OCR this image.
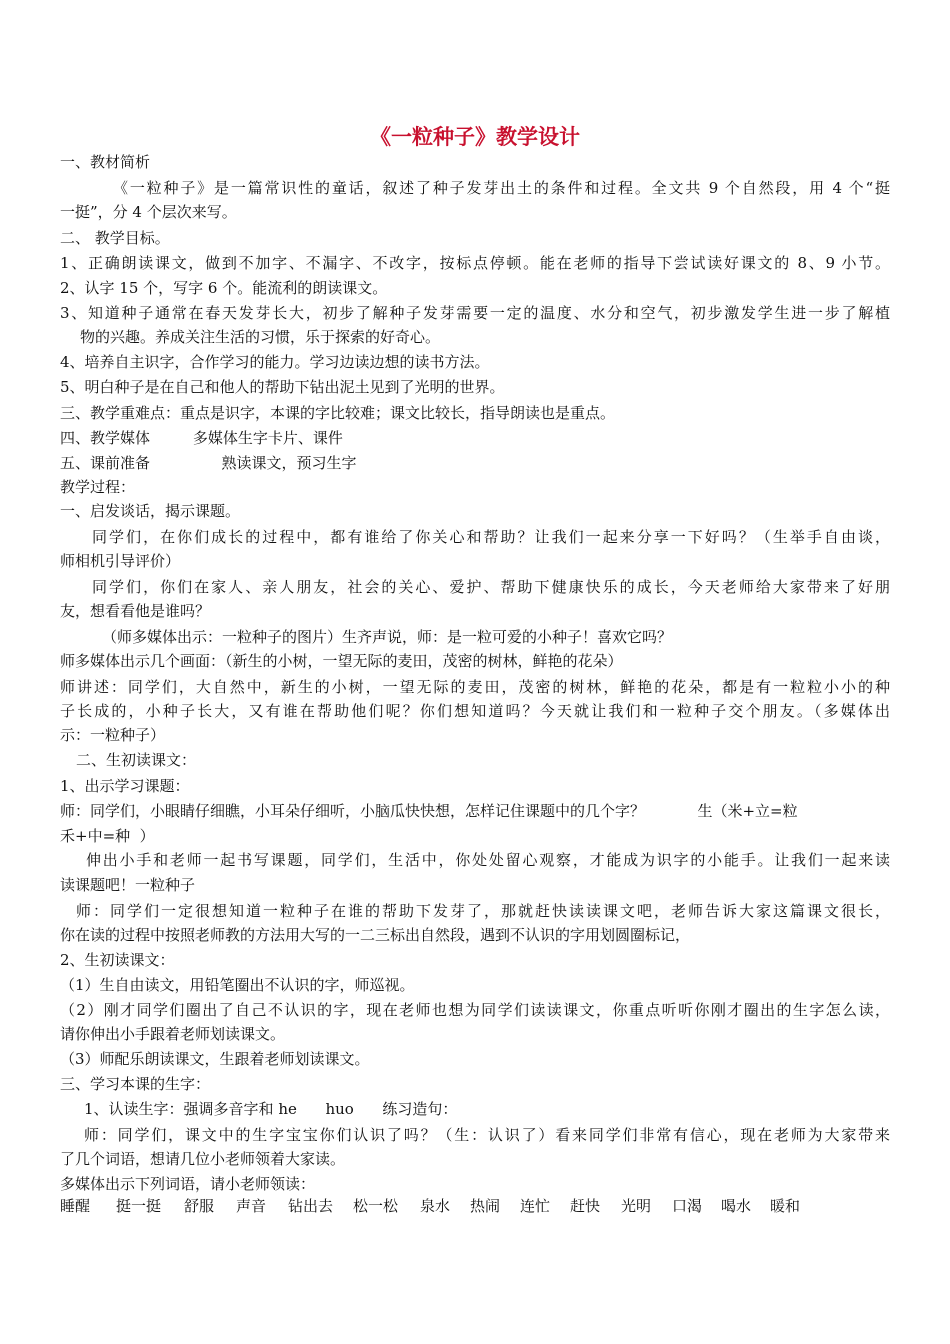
《一粒种子》教学设计
一、教材简析
《一粒种子》是一篇常识性的童话，叙述了种子发芽出土的条件和过程。全文共 9 个自然段，用 4 个“挺
一挺”，分 4 个层次来写。
二、 教学目标。
1、正确朗读课文，做到不加字、不漏字、不改字，按标点停顿。能在老师的指导下尝试读好课文的 8、9 小节。
2、认字 15 个，写字 6 个。能流利的朗读课文。
3、知道种子通常在春天发芽长大，初步了解种子发芽需要一定的温度、水分和空气，初步激发学生进一步了解植
物的兴趣。养成关注生活的习惯，乐于探索的好奇心。
4、培养自主识字，合作学习的能力。学习边读边想的读书方法。
5、明白种子是在自己和他人的帮助下钻出泥土见到了光明的世界。
三、教学重难点：重点是识字，本课的字比较难；课文比较长，指导朗读也是重点。
四、教学媒体         多媒体生字卡片、课件
五、课前准备               熟读课文，预习生字
教学过程：
一、启发谈话，揭示课题。
同学们，在你们成长的过程中，都有谁给了你关心和帮助？让我们一起来分享一下好吗？（生举手自由谈，
师相机引导评价）
同学们，你们在家人、亲人朋友，社会的关心、爱护、帮助下健康快乐的成长，今天老师给大家带来了好朋
友，想看看他是谁吗？
（师多媒体出示：一粒种子的图片）生齐声说，师：是一粒可爱的小种子！喜欢它吗？
师多媒体出示几个画面：（新生的小树，一望无际的麦田，茂密的树林，鲜艳的花朵）
师讲述：同学们，大自然中，新生的小树，一望无际的麦田，茂密的树林，鲜艳的花朵，都是有一粒粒小小的种
子长成的，小种子长大，又有谁在帮助他们呢？你们想知道吗？今天就让我们和一粒种子交个朋友。（多媒体出
示：一粒种子）
二、生初读课文：
1、出示学习课题：
师：同学们，小眼睛仔细瞧，小耳朵仔细听，小脑瓜快快想，怎样记住课题中的几个字？           生（米+立=粒
禾+中=种  ）
伸出小手和老师一起书写课题，同学们，生活中，你处处留心观察，才能成为识字的小能手。让我们一起来读
读课题吧！一粒种子
师：同学们一定很想知道一粒种子在谁的帮助下发芽了，那就赶快读读课文吧，老师告诉大家这篇课文很长，
你在读的过程中按照老师教的方法用大写的一二三标出自然段，遇到不认识的字用划圆圈标记，
2、生初读课文：
（1）生自由读文，用铅笔圈出不认识的字，师巡视。
（2）刚才同学们圈出了自己不认识的字，现在老师也想为同学们读读课文，你重点听听你刚才圈出的生字怎么读，
请你伸出小手跟着老师划读课文。
（3）师配乐朗读课文，生跟着老师划读课文。
三、学习本课的生字：
1、认读生字：强调多音字和 he      huo      练习造句：
师：同学们，课文中的生字宝宝你们认识了吗？（生：认识了）看来同学们非常有信心，现在老师为大家带来
了几个词语，想请几位小老师领着大家读。
多媒体出示下列词语，请小老师领读：
睡醒 挺一挺 舒服 声音 钻出去 松一松 泉水 热闹 连忙 赶快 光明 口渴 喝水 暖和
